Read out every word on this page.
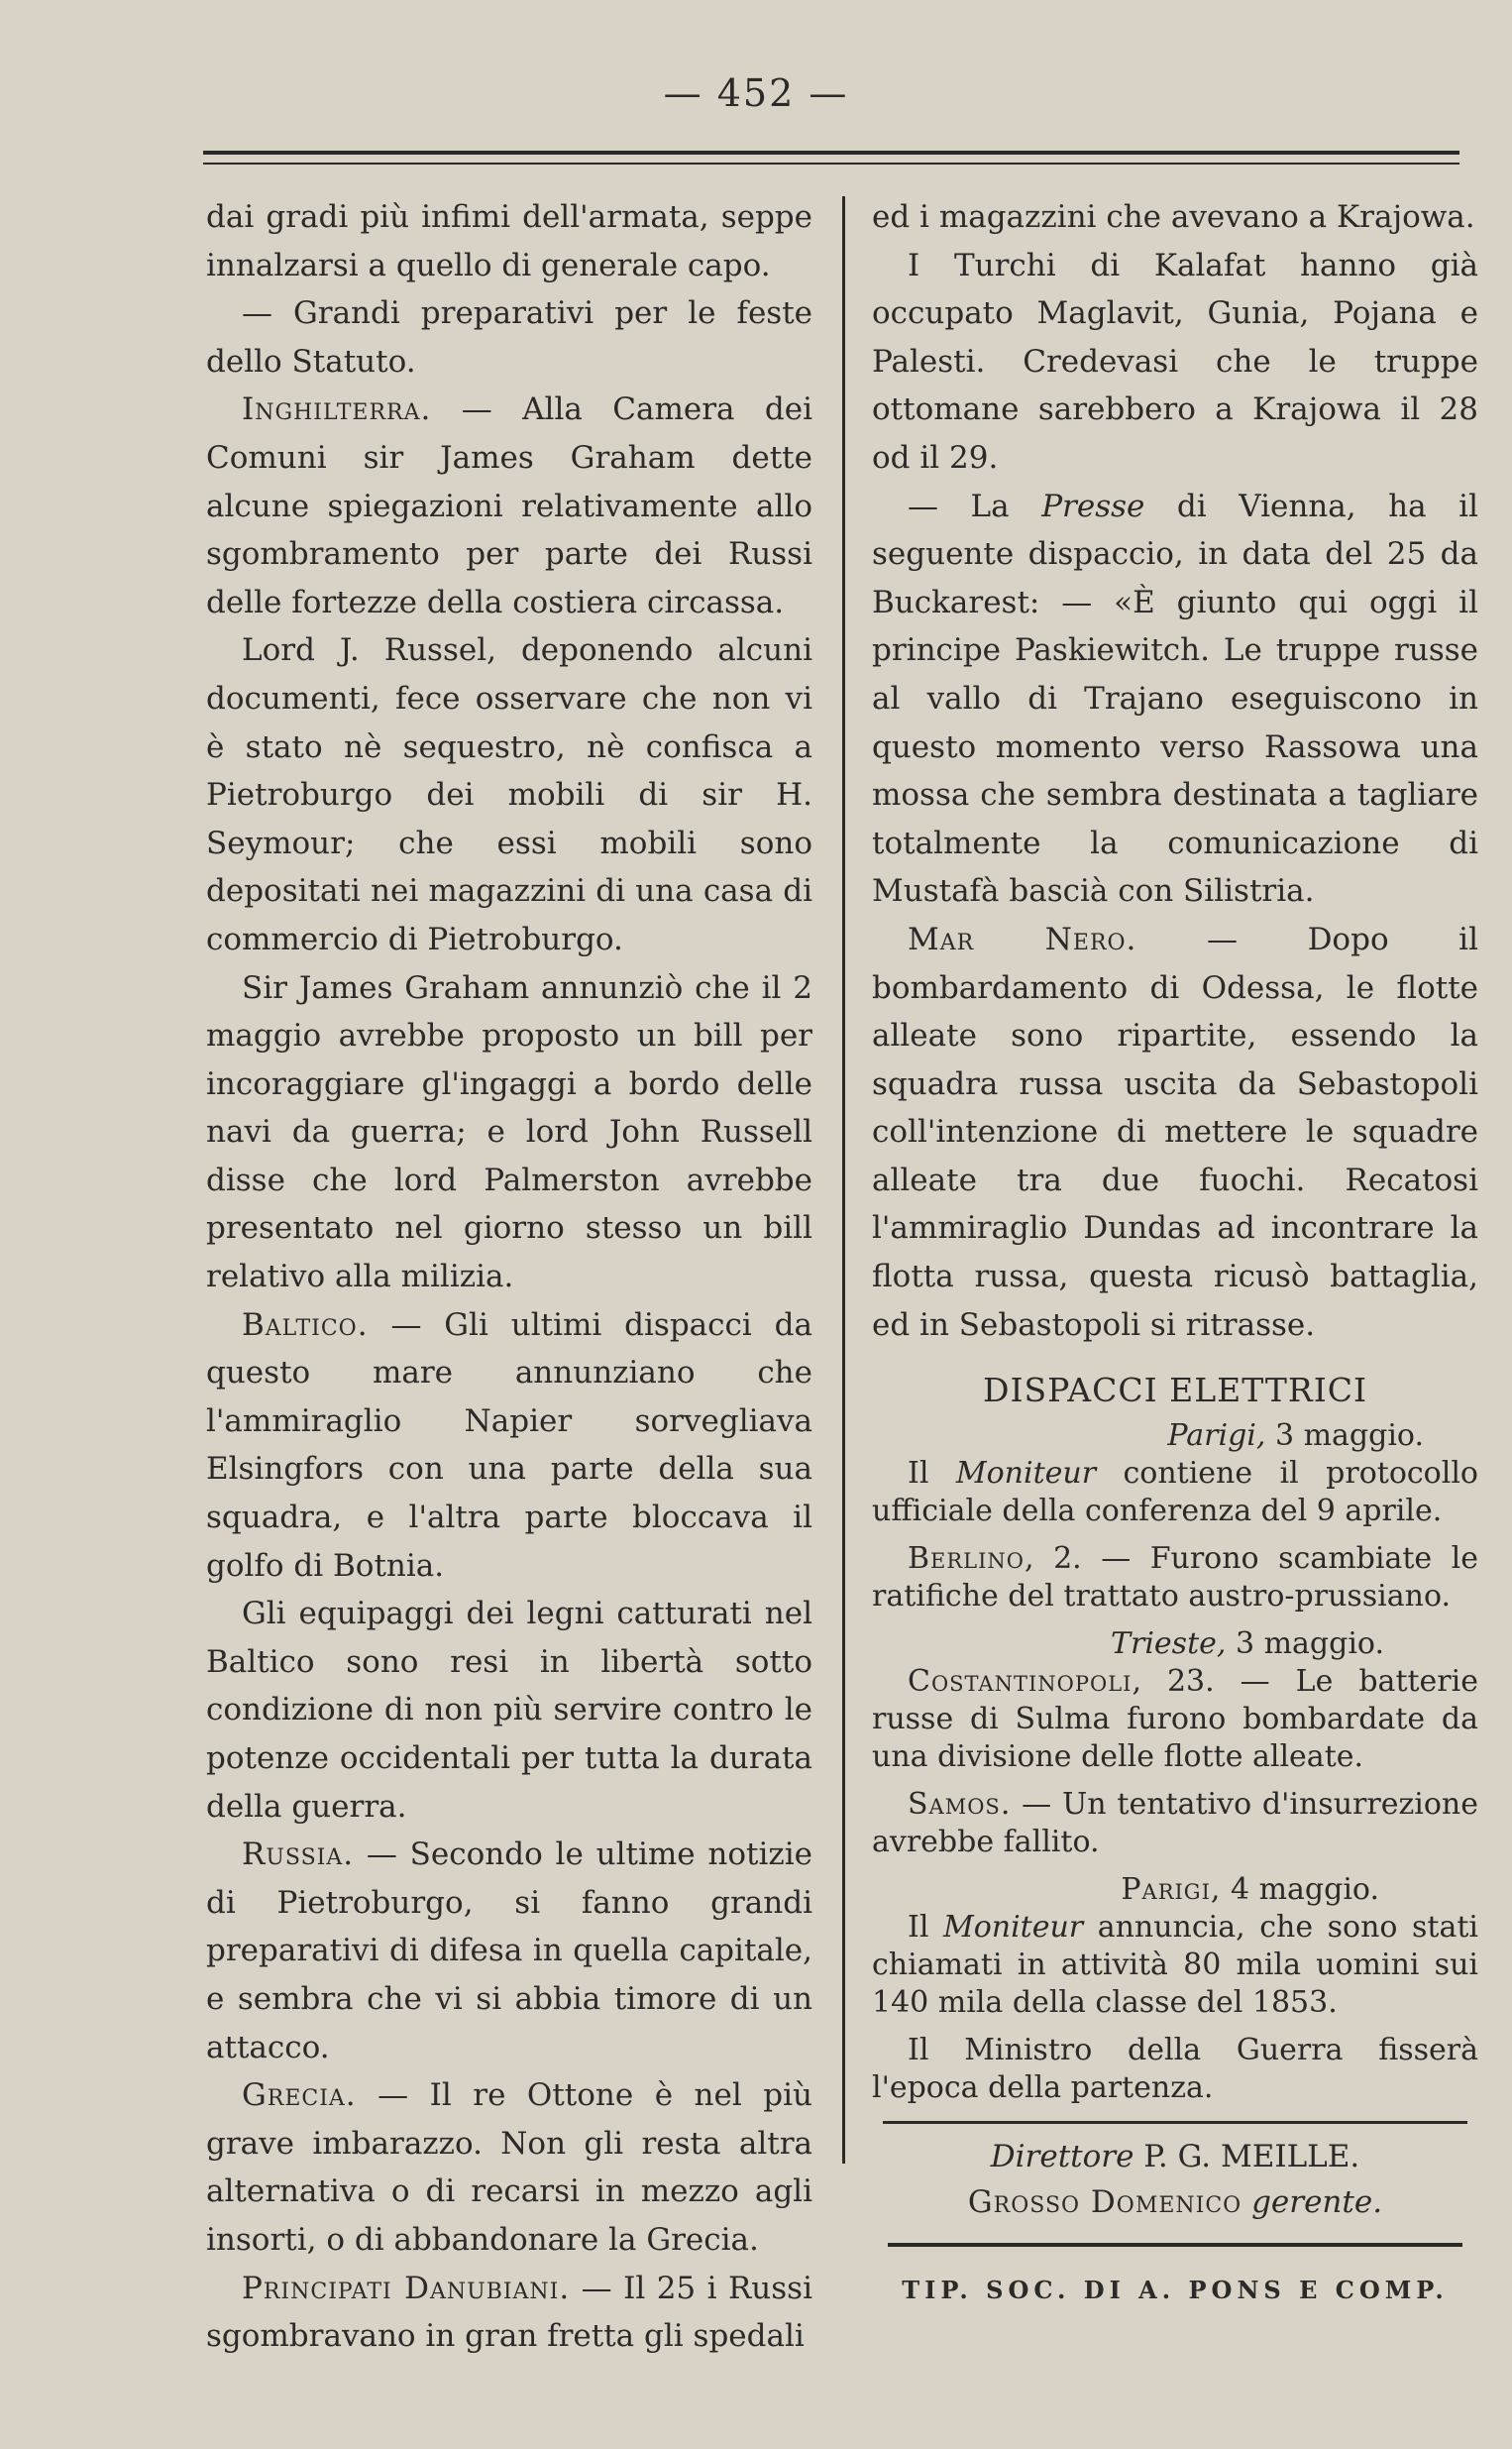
— 452 —

dai gradi più infimi dell'armata, seppe innalzarsi a quello di generale capo.

— Grandi preparativi per le feste dello Statuto.

Inghilterra. — Alla Camera dei Comuni sir James Graham dette alcune spiegazioni relativamente allo sgombramento per parte dei Russi delle fortezze della costiera circassa.

Lord J. Russel, deponendo alcuni documenti, fece osservare che non vi è stato nè sequestro, nè confisca a Pietroburgo dei mobili di sir H. Seymour; che essi mobili sono depositati nei magazzini di una casa di commercio di Pietroburgo.

Sir James Graham annunziò che il 2 maggio avrebbe proposto un bill per incoraggiare gl'ingaggi a bordo delle navi da guerra; e lord John Russell disse che lord Palmerston avrebbe presentato nel giorno stesso un bill relativo alla milizia.

Baltico. — Gli ultimi dispacci da questo mare annunziano che l'ammiraglio Napier sorvegliava Elsingfors con una parte della sua squadra, e l'altra parte bloccava il golfo di Botnia.

Gli equipaggi dei legni catturati nel Baltico sono resi in libertà sotto condizione di non più servire contro le potenze occidentali per tutta la durata della guerra.

Russia. — Secondo le ultime notizie di Pietroburgo, si fanno grandi preparativi di difesa in quella capitale, e sembra che vi si abbia timore di un attacco.

Grecia. — Il re Ottone è nel più grave imbarazzo. Non gli resta altra alternativa o di recarsi in mezzo agli insorti, o di abbandonare la Grecia.

Principati Danubiani. — Il 25 i Russi sgombravano in gran fretta gli spedali

ed i magazzini che avevano a Krajowa.

I Turchi di Kalafat hanno già occupato Maglavit, Gunia, Pojana e Palesti. Credevasi che le truppe ottomane sarebbero a Krajowa il 28 od il 29.

— La Presse di Vienna, ha il seguente dispaccio, in data del 25 da Buckarest: — «È giunto qui oggi il principe Paskiewitch. Le truppe russe al vallo di Trajano eseguiscono in questo momento verso Rassowa una mossa che sembra destinata a tagliare totalmente la comunicazione di Mustafà bascià con Silistria.

Mar Nero. — Dopo il bombardamento di Odessa, le flotte alleate sono ripartite, essendo la squadra russa uscita da Sebastopoli coll'intenzione di mettere le squadre alleate tra due fuochi. Recatosi l'ammiraglio Dundas ad incontrare la flotta russa, questa ricusò battaglia, ed in Sebastopoli si ritrasse.

DISPACCI ELETTRICI

Parigi, 3 maggio.

Il Moniteur contiene il protocollo ufficiale della conferenza del 9 aprile.

Berlino, 2. — Furono scambiate le ratifiche del trattato austro-prussiano.

Trieste, 3 maggio.

Costantinopoli, 23. — Le batterie russe di Sulma furono bombardate da una divisione delle flotte alleate.

Samos. — Un tentativo d'insurrezione avrebbe fallito.

Parigi, 4 maggio.

Il Moniteur annuncia, che sono stati chiamati in attività 80 mila uomini sui 140 mila della classe del 1853.

Il Ministro della Guerra fisserà l'epoca della partenza.

Direttore P. G. MEILLE.

Grosso Domenico gerente.

TIP. SOC. DI A. PONS E COMP.
